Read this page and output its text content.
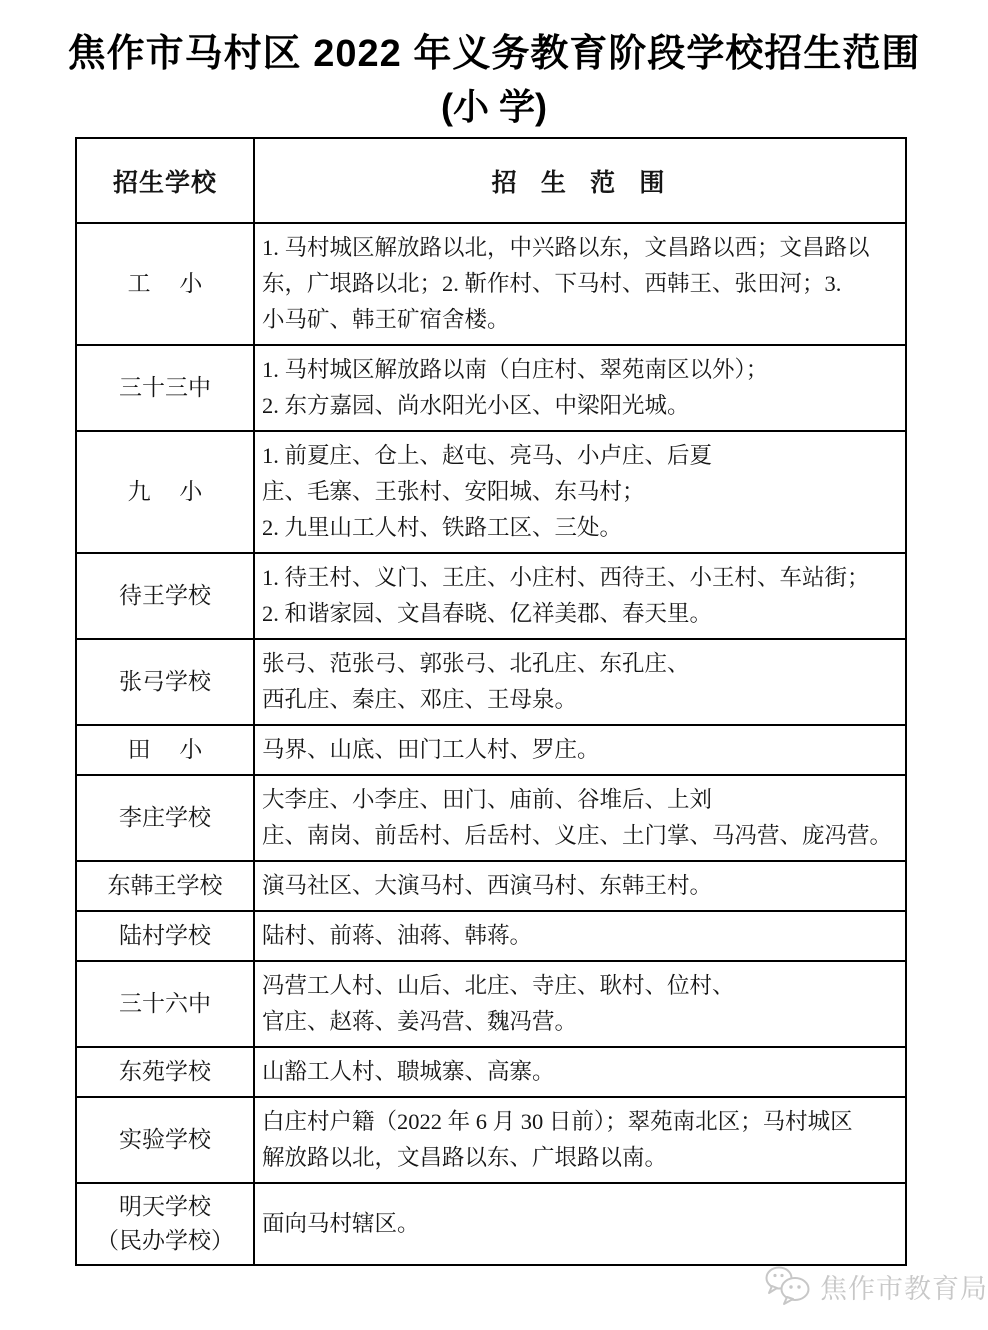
焦作市马村区 2022 年义务教育阶段学校招生范围
(小 学)
招生学校	招 生 范 围

工　 小	1. 马村城区解放路以北，中兴路以东，文昌路以西；文昌路以
东，广垠路以北；2. 靳作村、下马村、西韩王、张田河；3.
小马矿、韩王矿宿舍楼。

三十三中	1. 马村城区解放路以南（白庄村、翠苑南区以外）；
2. 东方嘉园、尚水阳光小区、中梁阳光城。

九　 小	1. 前夏庄、仓上、赵屯、亮马、小卢庄、后夏
庄、毛寨、王张村、安阳城、东马村；
2. 九里山工人村、铁路工区、三处。

待王学校	1. 待王村、义门、王庄、小庄村、西待王、小王村、车站街；
2. 和谐家园、文昌春晓、亿祥美郡、春天里。

张弓学校	张弓、范张弓、郭张弓、北孔庄、东孔庄、
西孔庄、秦庄、邓庄、王母泉。

田　 小	马界、山底、田门工人村、罗庄。

李庄学校	大李庄、小李庄、田门、庙前、谷堆后、上刘
庄、南岗、前岳村、后岳村、义庄、土门掌、马冯营、庞冯营。

东韩王学校	演马社区、大演马村、西演马村、东韩王村。

陆村学校	陆村、前蒋、油蒋、韩蒋。

三十六中	冯营工人村、山后、北庄、寺庄、耿村、位村、
官庄、赵蒋、姜冯营、魏冯营。

东苑学校	山豁工人村、聩城寨、高寨。

实验学校	白庄村户籍（2022 年 6 月 30 日前）；翠苑南北区；马村城区
解放路以北，文昌路以东、广垠路以南。

明天学校
（民办学校）	面向马村辖区。
焦作市教育局
